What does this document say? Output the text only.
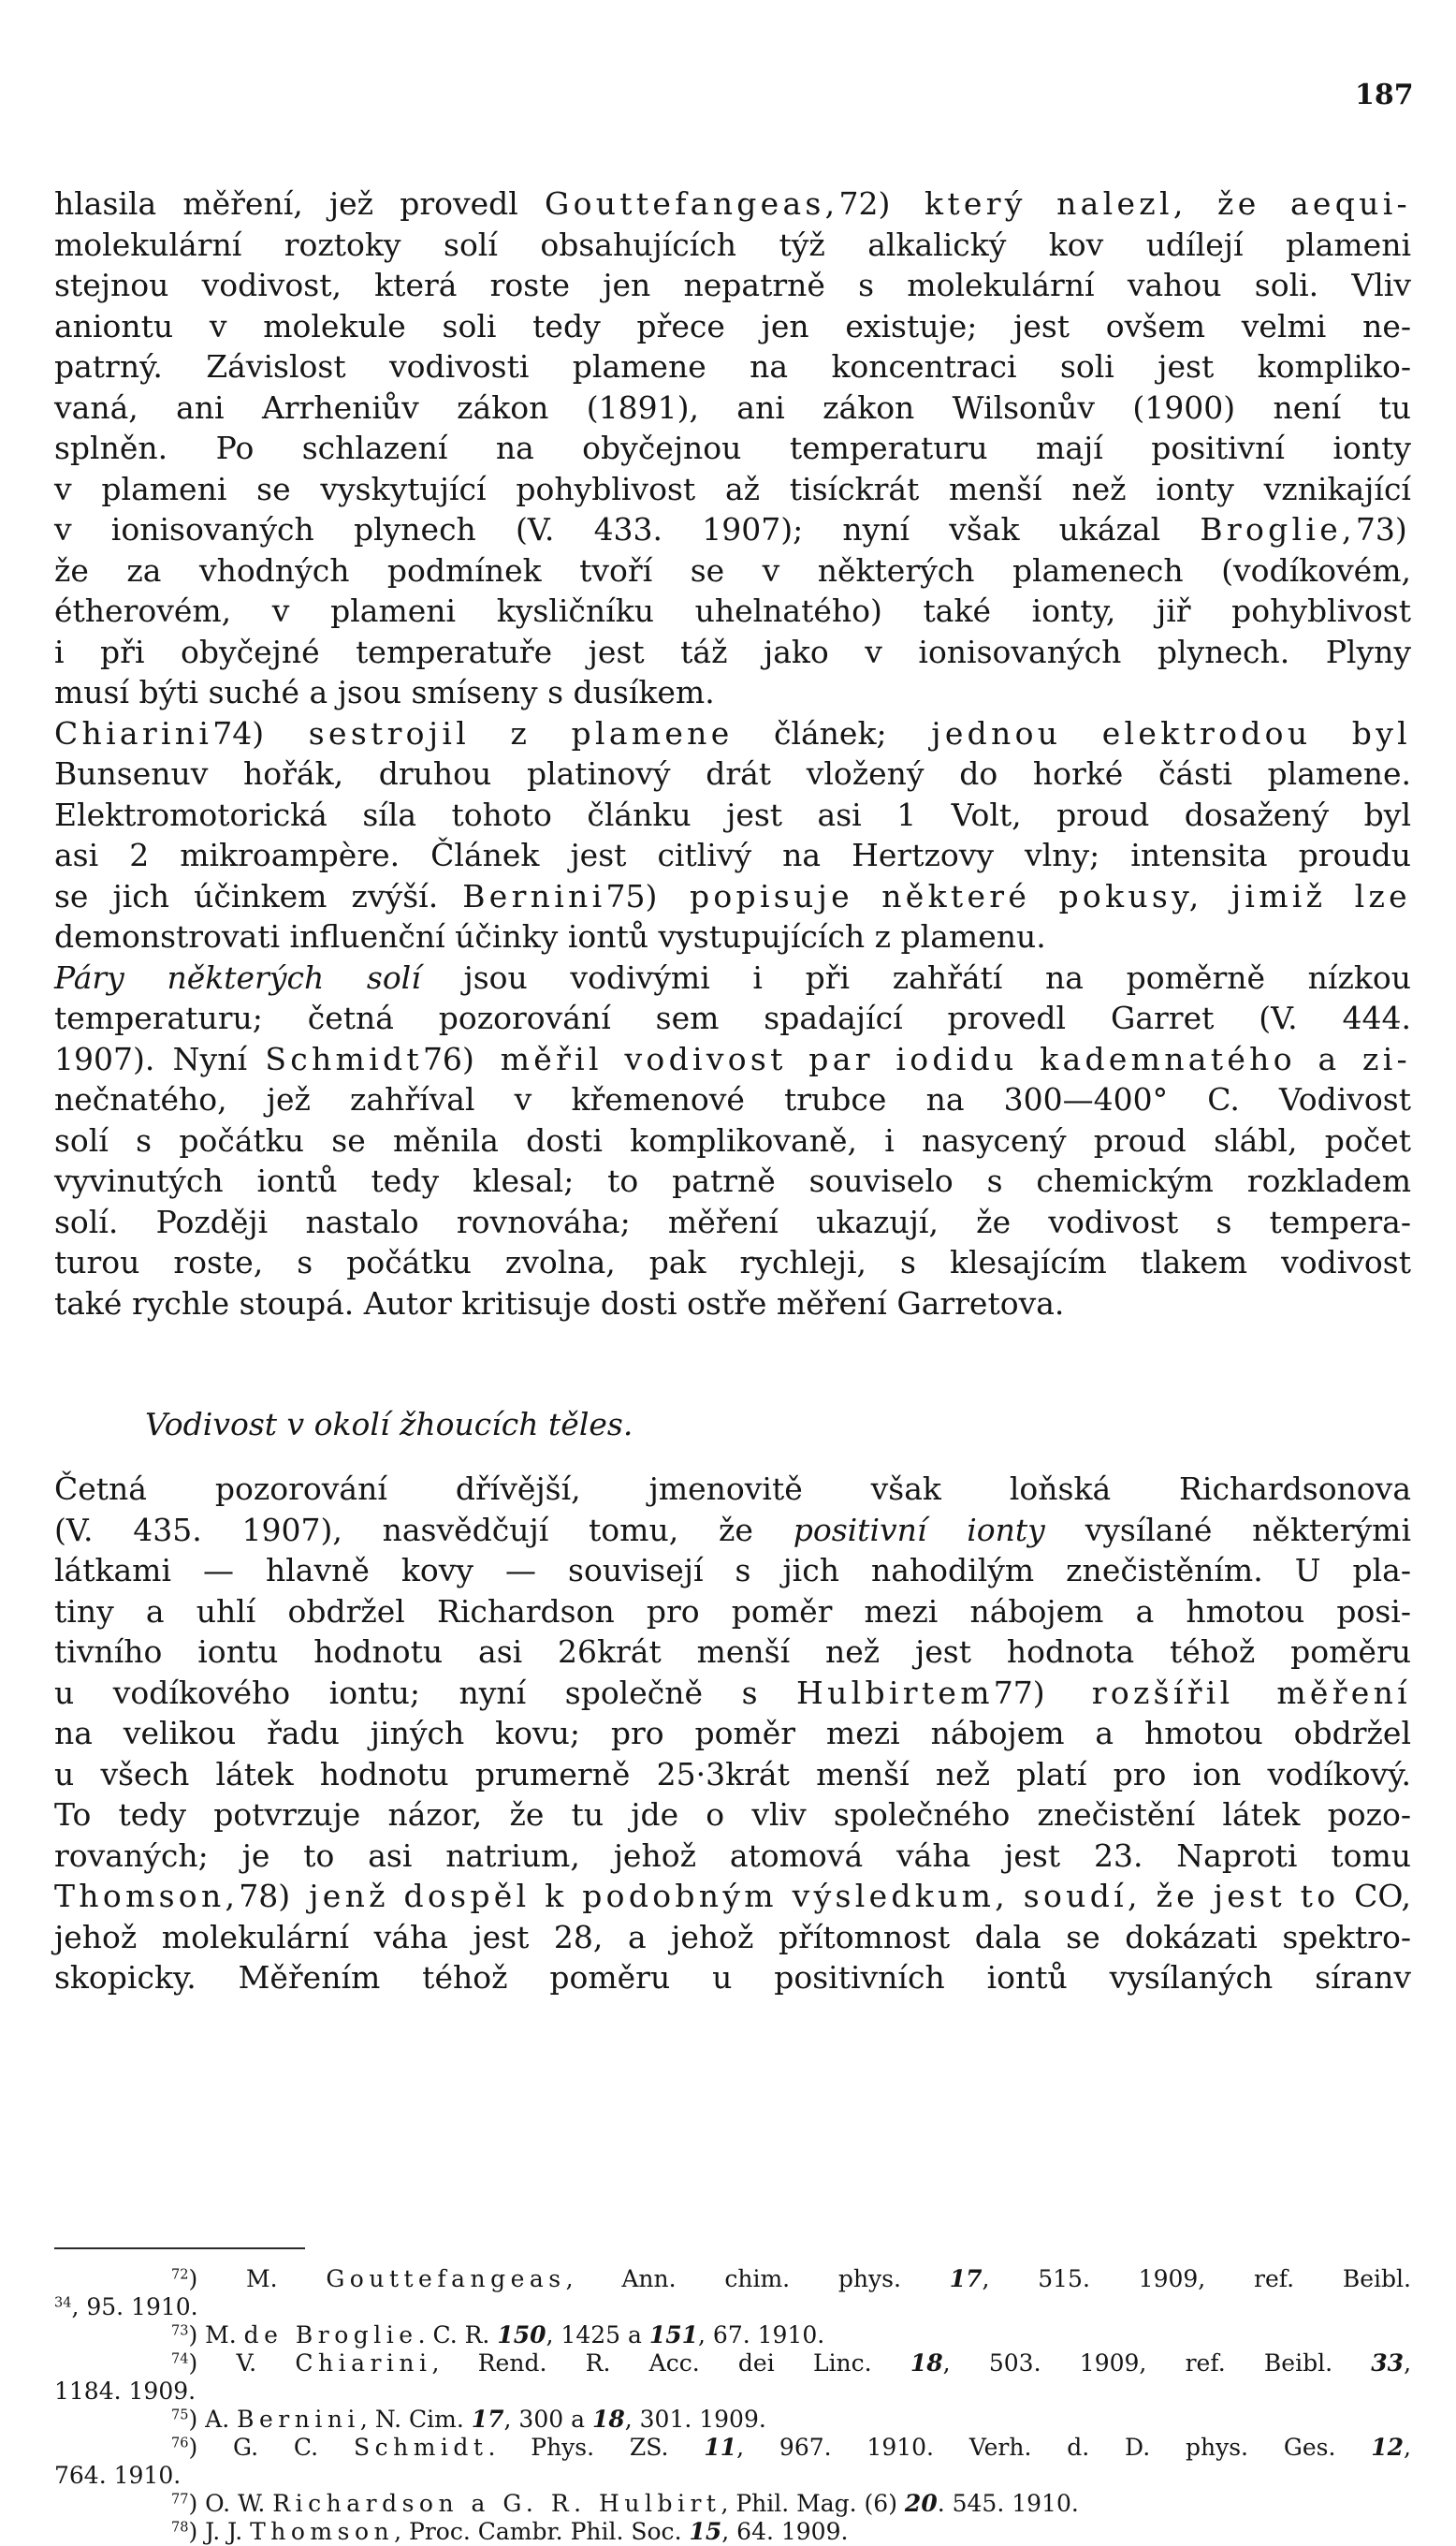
187

hlasila měření, jež provedl Gouttefangeas,72) který nalezl, že aequi-

molekulární roztoky solí obsahujících týž alkalický kov udílejí plameni

stejnou vodivost, která roste jen nepatrně s molekulární vahou soli. Vliv

aniontu v molekule soli tedy přece jen existuje; jest ovšem velmi ne-

patrný. Závislost vodivosti plamene na koncentraci soli jest kompliko-

vaná, ani Arrheniův zákon (1891), ani zákon Wilsonův (1900) není tu

splněn. Po schlazení na obyčejnou temperaturu mají positivní ionty

v plameni se vyskytující pohyblivost až tisíckrát menší než ionty vznikající

v ionisovaných plynech (V. 433. 1907); nyní však ukázal Broglie,73)

že za vhodných podmínek tvoří se v některých plamenech (vodíkovém,

étherovém, v plameni kysličníku uhelnatého) také ionty, jiř pohyblivost

i při obyčejné temperatuře jest táž jako v ionisovaných plynech. Plyny

musí býti suché a jsou smíseny s dusíkem.

Chiarini74) sestrojil z plamene článek; jednou elektrodou byl

Bunsenuv hořák, druhou platinový drát vložený do horké části plamene.

Elektromotorická síla tohoto článku jest asi 1 Volt, proud dosažený byl

asi 2 mikroampère. Článek jest citlivý na Hertzovy vlny; intensita proudu

se jich účinkem zvýší. Bernini75) popisuje některé pokusy, jimiž lze

demonstrovati influenční účinky iontů vystupujících z plamenu.

Páry některých solí jsou vodivými i při zahřátí na poměrně nízkou

temperaturu; četná pozorování sem spadající provedl Garret (V. 444.

1907). Nyní Schmidt76) měřil vodivost par iodidu kademnatého a zi-

nečnatého, jež zahříval v křemenové trubce na 300—400° C. Vodivost

solí s počátku se měnila dosti komplikovaně, i nasycený proud slábl, počet

vyvinutých iontů tedy klesal; to patrně souviselo s chemickým rozkladem

solí. Později nastalo rovnováha; měření ukazují, že vodivost s tempera-

turou roste, s počátku zvolna, pak rychleji, s klesajícím tlakem vodivost

také rychle stoupá. Autor kritisuje dosti ostře měření Garretova.

Vodivost v okolí žhoucích těles.

Četná pozorování dřívější, jmenovitě však loňská Richardsonova

(V. 435. 1907), nasvědčují tomu, že positivní ionty vysílané některými

látkami — hlavně kovy — souvisejí s jich nahodilým znečistěním. U pla-

tiny a uhlí obdržel Richardson pro poměr mezi nábojem a hmotou posi-

tivního iontu hodnotu asi 26krát menší než jest hodnota téhož poměru

u vodíkového iontu; nyní společně s Hulbirtem77) rozšířil měření

na velikou řadu jiných kovu; pro poměr mezi nábojem a hmotou obdržel

u všech látek hodnotu prumerně 25·3krát menší než platí pro ion vodíkový.

To tedy potvrzuje názor, že tu jde o vliv společného znečistění látek pozo-

rovaných; je to asi natrium, jehož atomová váha jest 23. Naproti tomu

Thomson,78) jenž dospěl k podobným výsledkum, soudí, že jest to CO,

jehož molekulární váha jest 28, a jehož přítomnost dala se dokázati spektro-

skopicky. Měřením téhož poměru u positivních iontů vysílaných síranv

$^{72}$) M. Gouttefangeas, Ann. chim. phys. 17, 515. 1909, ref. Beibl.

$^{34}$, 95. 1910.

$^{73}$) M. de Broglie. C. R. 150, 1425 a 151, 67. 1910.

$^{74}$) V. Chiarini, Rend. R. Acc. dei Linc. 18, 503. 1909, ref. Beibl. 33,

1184. 1909.

$^{75}$) A. Bernini, N. Cim. 17, 300 a 18, 301. 1909.

$^{76}$) G. C. Schmidt. Phys. ZS. 11, 967. 1910. Verh. d. D. phys. Ges. 12,

764. 1910.

$^{77}$) O. W. Richardson a G. R. Hulbirt, Phil. Mag. (6) 20. 545. 1910.

$^{78}$) J. J. Thomson, Proc. Cambr. Phil. Soc. 15, 64. 1909.
